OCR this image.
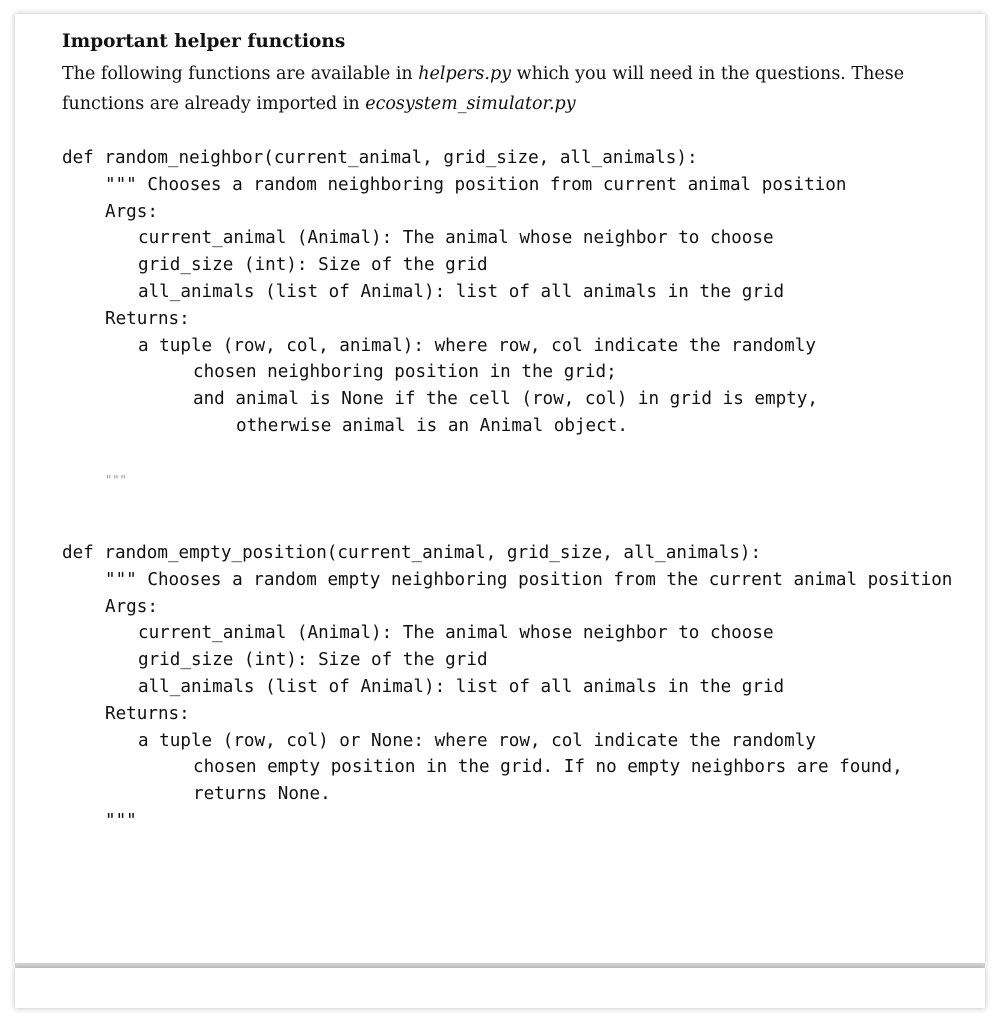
Important helper functions
The following functions are available in helpers.py which you will need in the questions. These functions are already imported in ecosystem_simulator.py
def random_neighbor(current_animal, grid_size, all_animals):
""" Chooses a random neighboring position from current animal position
Args:
current_animal (Animal): The animal whose neighbor to choose
grid_size (int): Size of the grid
all_animals (list of Animal): list of all animals in the grid
Returns:
a tuple (row, col, animal): where row, col indicate the randomly
chosen neighboring position in the grid;
and animal is None if the cell (row, col) in grid is empty,
otherwise animal is an Animal object.
"""
def random_empty_position(current_animal, grid_size, all_animals):
""" Chooses a random empty neighboring position from the current animal position
Args:
current_animal (Animal): The animal whose neighbor to choose
grid_size (int): Size of the grid
all_animals (list of Animal): list of all animals in the grid
Returns:
a tuple (row, col) or None: where row, col indicate the randomly
chosen empty position in the grid. If no empty neighbors are found,
returns None.
"""
